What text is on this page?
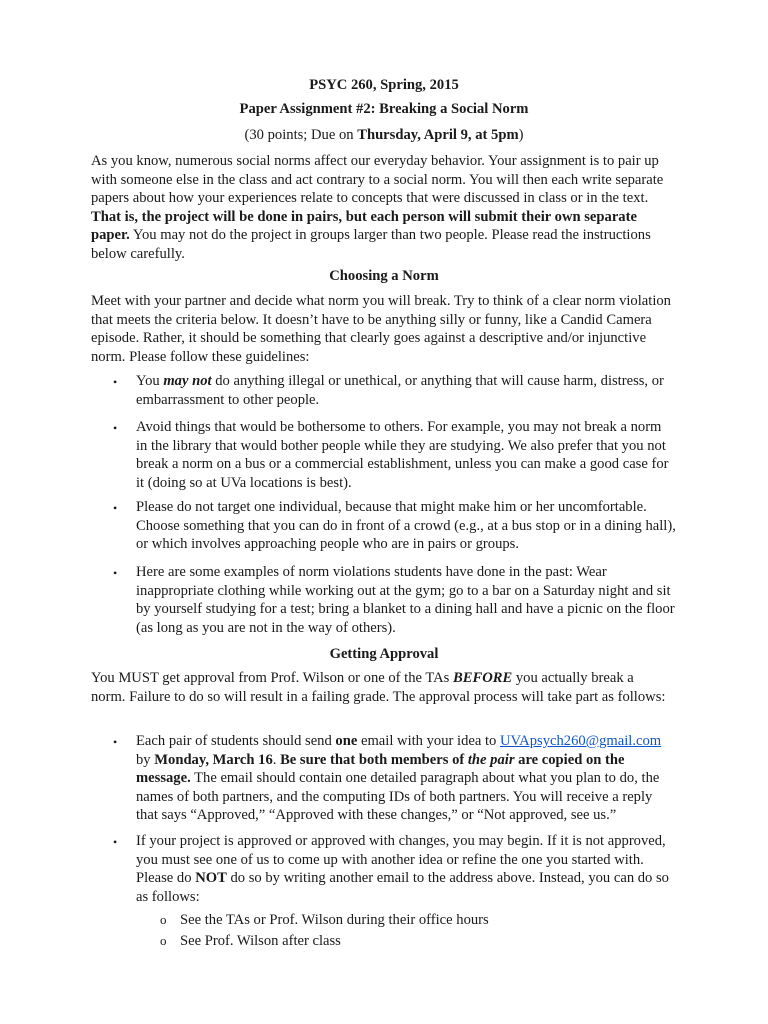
PSYC 260, Spring, 2015
Paper Assignment #2: Breaking a Social Norm
(30 points; Due on Thursday, April 9, at 5pm)
As you know, numerous social norms affect our everyday behavior. Your assignment is to pair up with someone else in the class and act contrary to a social norm. You will then each write separate papers about how your experiences relate to concepts that were discussed in class or in the text. That is, the project will be done in pairs, but each person will submit their own separate paper. You may not do the project in groups larger than two people. Please read the instructions below carefully.
Choosing a Norm
Meet with your partner and decide what norm you will break. Try to think of a clear norm violation that meets the criteria below. It doesn’t have to be anything silly or funny, like a Candid Camera episode. Rather, it should be something that clearly goes against a descriptive and/or injunctive norm. Please follow these guidelines:
• You may not do anything illegal or unethical, or anything that will cause harm, distress, or embarrassment to other people.
• Avoid things that would be bothersome to others. For example, you may not break a norm in the library that would bother people while they are studying. We also prefer that you not break a norm on a bus or a commercial establishment, unless you can make a good case for it (doing so at UVa locations is best).
• Please do not target one individual, because that might make him or her uncomfortable. Choose something that you can do in front of a crowd (e.g., at a bus stop or in a dining hall), or which involves approaching people who are in pairs or groups.
• Here are some examples of norm violations students have done in the past: Wear inappropriate clothing while working out at the gym; go to a bar on a Saturday night and sit by yourself studying for a test; bring a blanket to a dining hall and have a picnic on the floor (as long as you are not in the way of others).
Getting Approval
You MUST get approval from Prof. Wilson or one of the TAs BEFORE you actually break a norm. Failure to do so will result in a failing grade. The approval process will take part as follows:
• Each pair of students should send one email with your idea to UVApsych260@gmail.com
by Monday, March 16. Be sure that both members of the pair are copied on the message. The email should contain one detailed paragraph about what you plan to do, the names of both partners, and the computing IDs of both partners. You will receive a reply that says “Approved,” “Approved with these changes,” or “Not approved, see us.”
• If your project is approved or approved with changes, you may begin. If it is not approved, you must see one of us to come up with another idea or refine the one you started with. Please do NOT do so by writing another email to the address above. Instead, you can do so as follows:
o See the TAs or Prof. Wilson during their office hours
o See Prof. Wilson after class
